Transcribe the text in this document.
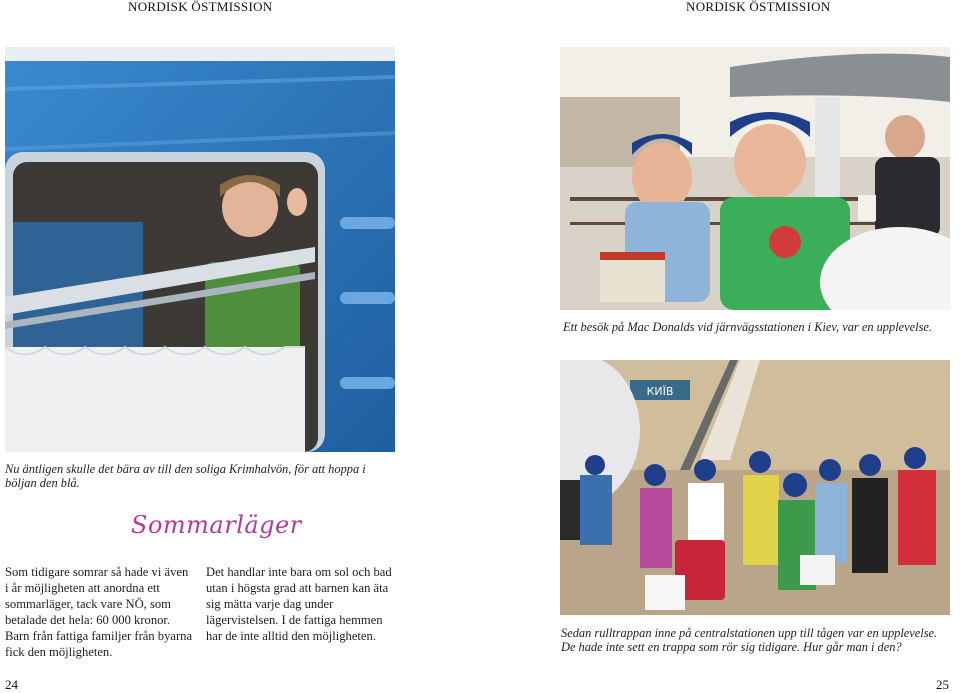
NORDISK ÖSTMISSION
Nu äntligen skulle det bära av till den soliga Krimhalvön, för att hoppa i böljan den blå.
Sommarläger

Som tidigare somrar så hade vi även i år möjligheten att anordna ett sommarläger, tack vare NÖ, som betalade det hela: 60 000 kronor.

Barn från fattiga familjer från byarna fick den möjligheten.

Det handlar inte bara om sol och bad utan i högsta grad att barnen kan äta sig mätta varje dag under lägervistelsen. I de fattiga hemmen har de inte alltid den möjligheten.

24
NORDISK ÖSTMISSION
Ett besök på Mac Donalds vid järnvägsstationen i Kiev, var en upplevelse.
КИЇВ
Sedan rulltrappan inne på centralstationen upp till tågen var en upplevelse. De hade inte sett en trappa som rör sig tidigare. Hur går man i den?
25
